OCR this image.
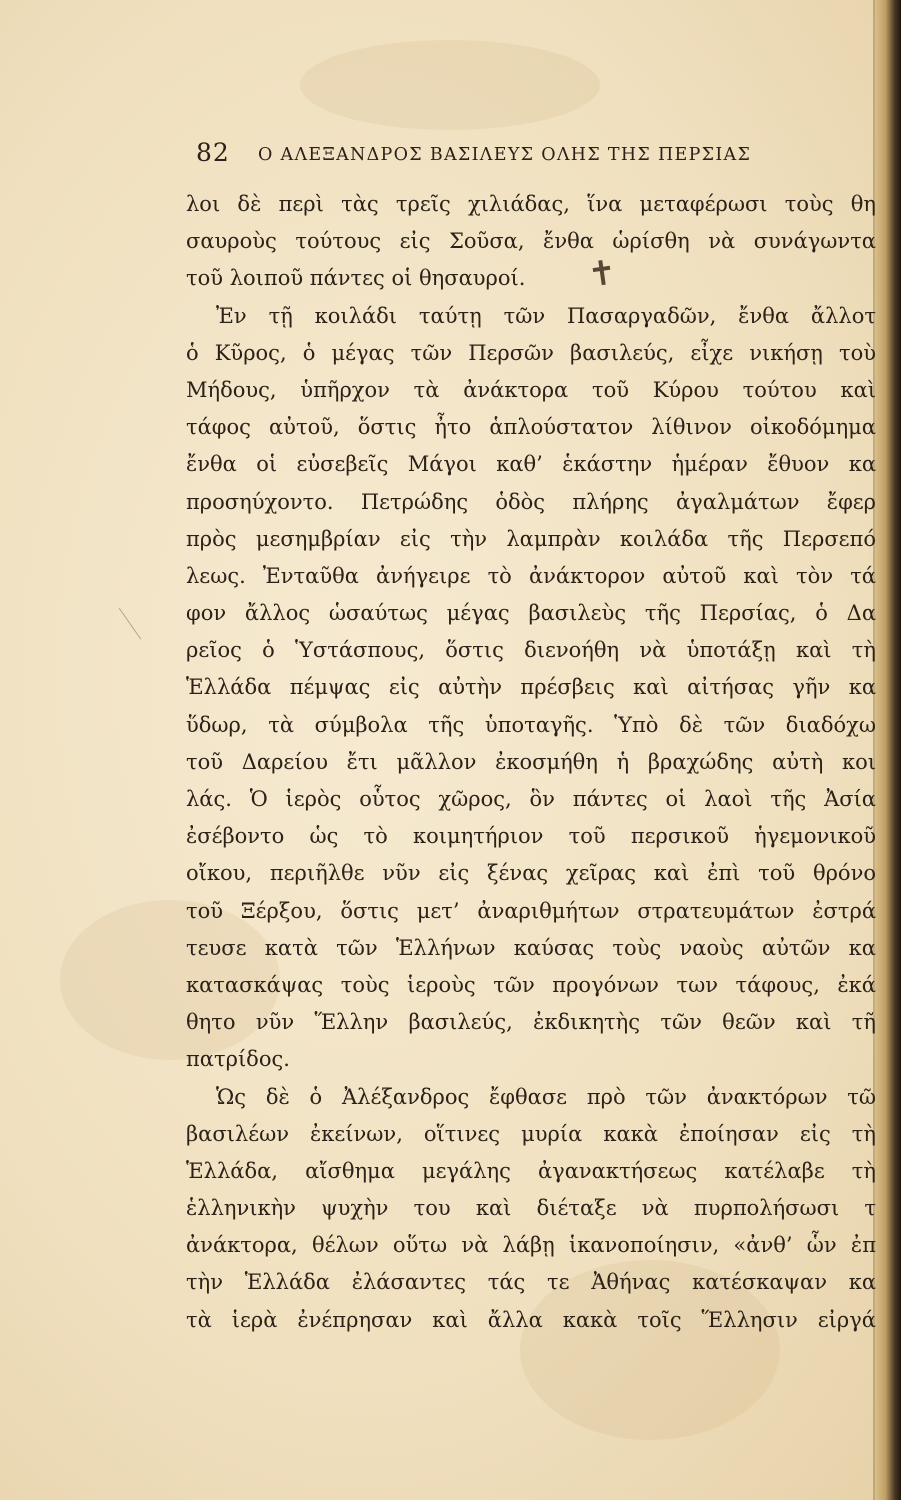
82 Ο ΑΛΕΞΑΝΔΡΟΣ ΒΑΣΙΛΕΥΣ ΟΛΗΣ ΤΗΣ ΠΕΡΣΙΑΣ
λοι δὲ περὶ τὰς τρεῖς χιλιάδας, ἵνα μεταφέρωσι τοὺς θη
σαυροὺς τούτους εἰς Σοῦσα, ἔνθα ὡρίσθη νὰ συνάγωντα
τοῦ λοιποῦ πάντες οἱ θησαυροί.
Ἐν τῇ κοιλάδι ταύτῃ τῶν Πασαργαδῶν, ἔνθα ἄλλοτ
ὁ Κῦρος, ὁ μέγας τῶν Περσῶν βασιλεύς, εἶχε νικήσῃ τοὺ
Μήδους, ὑπῆρχον τὰ ἀνάκτορα τοῦ Κύρου τούτου καὶ
τάφος αὐτοῦ, ὅστις ἦτο ἁπλούστατον λίθινον οἰκοδόμημα
ἔνθα οἱ εὐσεβεῖς Μάγοι καθ’ ἑκάστην ἡμέραν ἔθυον κα
προσηύχοντο. Πετρώδης ὁδὸς πλήρης ἀγαλμάτων ἔφερ
πρὸς μεσημβρίαν εἰς τὴν λαμπρὰν κοιλάδα τῆς Περσεπό
λεως. Ἐνταῦθα ἀνήγειρε τὸ ἀνάκτορον αὐτοῦ καὶ τὸν τά
φον ἄλλος ὡσαύτως μέγας βασιλεὺς τῆς Περσίας, ὁ Δα
ρεῖος ὁ Ὑστάσπους, ὅστις διενοήθη νὰ ὑποτάξῃ καὶ τὴ
Ἑλλάδα πέμψας εἰς αὐτὴν πρέσβεις καὶ αἰτήσας γῆν κα
ὕδωρ, τὰ σύμβολα τῆς ὑποταγῆς. Ὑπὸ δὲ τῶν διαδόχω
τοῦ Δαρείου ἔτι μᾶλλον ἐκοσμήθη ἡ βραχώδης αὐτὴ κοι
λάς. Ὁ ἱερὸς οὗτος χῶρος, ὃν πάντες οἱ λαοὶ τῆς Ἀσία
ἐσέβοντο ὡς τὸ κοιμητήριον τοῦ περσικοῦ ἡγεμονικοῦ
οἴκου, περιῆλθε νῦν εἰς ξένας χεῖρας καὶ ἐπὶ τοῦ θρόνο
τοῦ Ξέρξου, ὅστις μετ’ ἀναριθμήτων στρατευμάτων ἐστρά
τευσε κατὰ τῶν Ἑλλήνων καύσας τοὺς ναοὺς αὐτῶν κα
κατασκάψας τοὺς ἱεροὺς τῶν προγόνων των τάφους, ἐκά
θητο νῦν Ἕλλην βασιλεύς, ἐκδικητὴς τῶν θεῶν καὶ τῆ
πατρίδος.
Ὡς δὲ ὁ Ἀλέξανδρος ἔφθασε πρὸ τῶν ἀνακτόρων τῶ
βασιλέων ἐκείνων, οἵτινες μυρία κακὰ ἐποίησαν εἰς τὴ
Ἑλλάδα, αἴσθημα μεγάλης ἀγανακτήσεως κατέλαβε τὴ
ἑλληνικὴν ψυχὴν του καὶ διέταξε νὰ πυρπολήσωσι τ
ἀνάκτορα, θέλων οὕτω νὰ λάβῃ ἱκανοποίησιν, «ἀνθ’ ὧν ἐπ
τὴν Ἑλλάδα ἐλάσαντες τάς τε Ἀθήνας κατέσκαψαν κα
τὰ ἱερὰ ἐνέπρησαν καὶ ἄλλα κακὰ τοῖς Ἕλλησιν εἰργά
✝
